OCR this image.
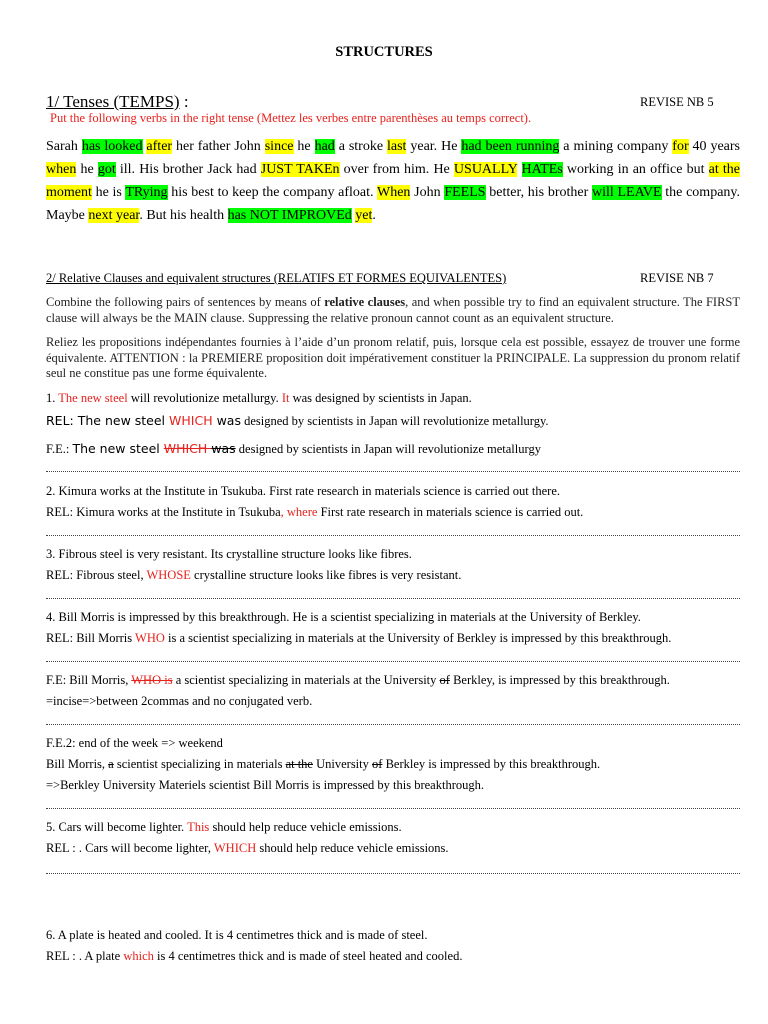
STRUCTURES
1/ Tenses (TEMPS) :	REVISE NB 5
Put the following verbs in the right tense (Mettez les verbes entre parenthèses au temps correct).
Sarah has looked after her father John since he had a stroke last year. He had been running a mining company for 40 years when he got ill. His brother Jack had JUST TAKEn over from him. He USUALLY HATEs working in an office but at the moment he is TRying his best to keep the company afloat. When John FEELS better, his brother will LEAVE the company. Maybe next year. But his health has NOT IMPROVEd yet.
2/ Relative Clauses and equivalent structures (RELATIFS ET FORMES EQUIVALENTES)	REVISE NB 7
Combine the following pairs of sentences by means of relative clauses, and when possible try to find an equivalent structure. The FIRST clause will always be the MAIN clause. Suppressing the relative pronoun cannot count as an equivalent structure.
Reliez les propositions indépendantes fournies à l’aide d’un pronom relatif, puis, lorsque cela est possible, essayez de trouver une forme équivalente. ATTENTION : la PREMIERE proposition doit impérativement constituer la PRINCIPALE. La suppression du pronom relatif seul ne constitue pas une forme équivalente.
1. The new steel will revolutionize metallurgy. It was designed by scientists in Japan.
REL: The new steel WHICH was designed by scientists in Japan will revolutionize metallurgy.
F.E.: The new steel WHICH was designed by scientists in Japan will revolutionize metallurgy
2. Kimura works at the Institute in Tsukuba. First rate research in materials science is carried out there.
REL: Kimura works at the Institute in Tsukuba, where First rate research in materials science is carried out.
3. Fibrous steel is very resistant. Its crystalline structure looks like fibres.
REL: Fibrous steel, WHOSE crystalline structure looks like fibres is very resistant.
4. Bill Morris is impressed by this breakthrough. He is a scientist specializing in materials at the University of Berkley.
REL: Bill Morris WHO is a scientist specializing in materials at the University of Berkley is impressed by this breakthrough.
F.E: Bill Morris, WHO is a scientist specializing in materials at the University of Berkley, is impressed by this breakthrough.
=incise=>between 2commas and no conjugated verb.
F.E.2: end of the week => weekend
Bill Morris, a scientist specializing in materials at the University of Berkley is impressed by this breakthrough.
=>Berkley University Materiels scientist Bill Morris is impressed by this breakthrough.
5. Cars will become lighter. This should help reduce vehicle emissions.
REL : . Cars will become lighter, WHICH should help reduce vehicle emissions.
6. A plate is heated and cooled. It is 4 centimetres thick and is made of steel.
REL : . A plate which is 4 centimetres thick and is made of steel heated and cooled.
